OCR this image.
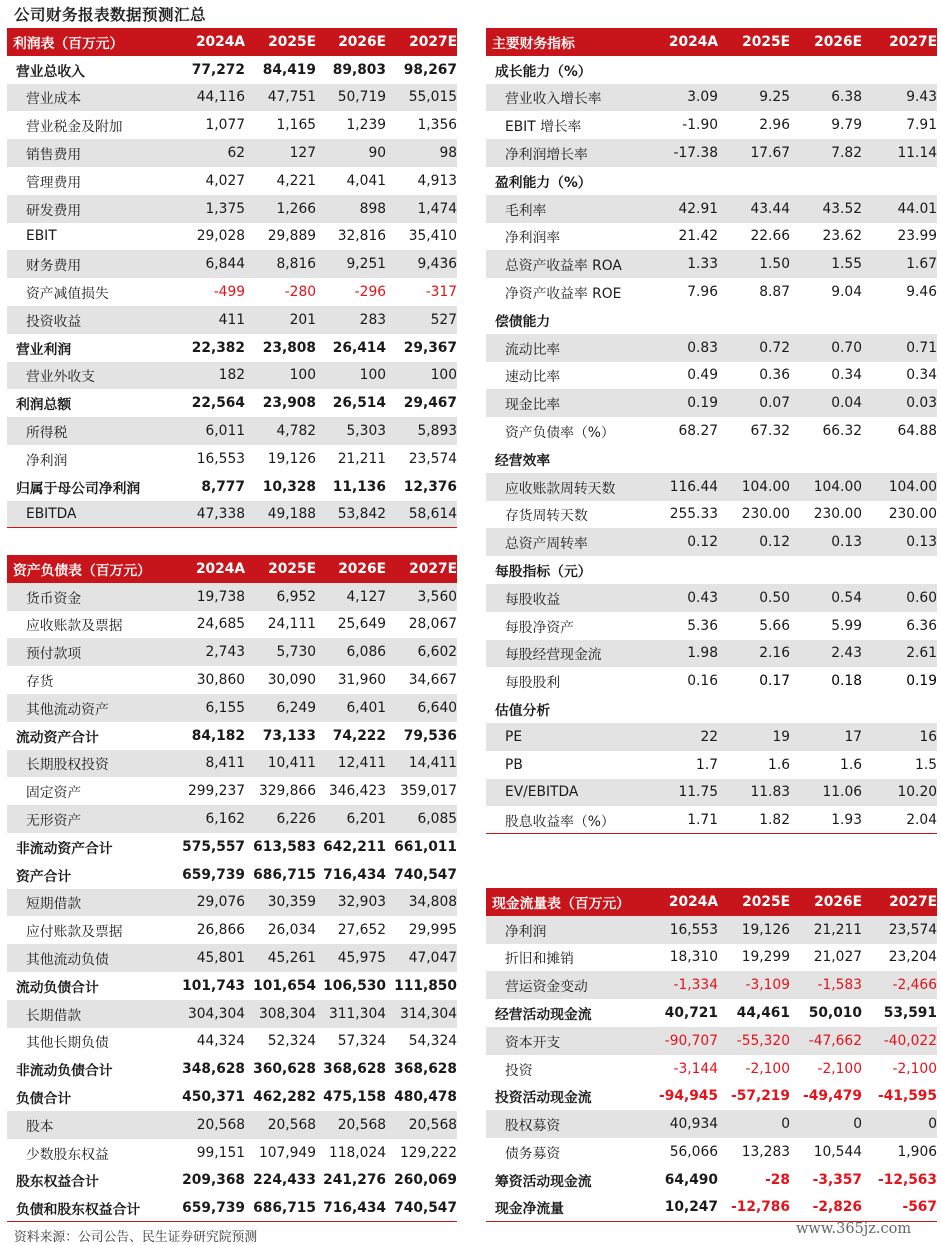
公司财务报表数据预测汇总
利润表（百万元）	2024A	2025E	2026E	2027E
营业总收入	77,272	84,419	89,803	98,267
营业成本	44,116	47,751	50,719	55,015
营业税金及附加	1,077	1,165	1,239	1,356
销售费用	62	127	90	98
管理费用	4,027	4,221	4,041	4,913
研发费用	1,375	1,266	898	1,474
EBIT	29,028	29,889	32,816	35,410
财务费用	6,844	8,816	9,251	9,436
资产减值损失	-499	-280	-296	-317
投资收益	411	201	283	527
营业利润	22,382	23,808	26,414	29,367
营业外收支	182	100	100	100
利润总额	22,564	23,908	26,514	29,467
所得税	6,011	4,782	5,303	5,893
净利润	16,553	19,126	21,211	23,574
归属于母公司净利润	8,777	10,328	11,136	12,376
EBITDA	47,338	49,188	53,842	58,614
资产负债表（百万元）	2024A	2025E	2026E	2027E
货币资金	19,738	6,952	4,127	3,560
应收账款及票据	24,685	24,111	25,649	28,067
预付款项	2,743	5,730	6,086	6,602
存货	30,860	30,090	31,960	34,667
其他流动资产	6,155	6,249	6,401	6,640
流动资产合计	84,182	73,133	74,222	79,536
长期股权投资	8,411	10,411	12,411	14,411
固定资产	299,237	329,866 346,423	359,017
无形资产	6,162	6,226	6,201	6,085
非流动资产合计	575,557 613,583 642,211 661,011
资产合计	659,739 686,715 716,434 740,547
短期借款	29,076	30,359	32,903	34,808
应付账款及票据	26,866	26,034	27,652	29,995
其他流动负债	45,801	45,261	45,975	47,047
流动负债合计	101,743 101,654 106,530 111,850
长期借款	304,304	308,304 311,304	314,304
其他长期负债	44,324	52,324	57,324	54,324
非流动负债合计	348,628 360,628 368,628 368,628
负债合计	450,371 462,282 475,158 480,478
股本	20,568	20,568	20,568	20,568
少数股东权益	99,151	107,949 118,024	129,222
股东权益合计	209,368 224,433 241,276 260,069
负债和股东权益合计	659,739 686,715 716,434 740,547
主要财务指标	2024A	2025E	2026E	2027E
成长能力（%）
营业收入增长率	3.09	9.25	6.38	9.43
EBIT 增长率	-1.90	2.96	9.79	7.91
净利润增长率	-17.38	17.67	7.82	11.14
盈利能力（%）
毛利率	42.91	43.44	43.52	44.01
净利润率	21.42	22.66	23.62	23.99
总资产收益率 ROA	1.33	1.50	1.55	1.67
净资产收益率 ROE	7.96	8.87	9.04	9.46
偿债能力
流动比率	0.83	0.72	0.70	0.71
速动比率	0.49	0.36	0.34	0.34
现金比率	0.19	0.07	0.04	0.03
资产负债率（%）	68.27	67.32	66.32	64.88
经营效率
应收账款周转天数	116.44	104.00	104.00	104.00
存货周转天数	255.33	230.00	230.00	230.00
总资产周转率	0.12	0.12	0.13	0.13
每股指标（元）
每股收益	0.43	0.50	0.54	0.60
每股净资产	5.36	5.66	5.99	6.36
每股经营现金流	1.98	2.16	2.43	2.61
每股股利	0.16	0.17	0.18	0.19
估值分析
PE	22	19	17	16
PB	1.7	1.6	1.6	1.5
EV/EBITDA	11.75	11.83	11.06	10.20
股息收益率（%）	1.71	1.82	1.93	2.04
现金流量表（百万元）	2024A	2025E	2026E	2027E
净利润	16,553	19,126	21,211	23,574
折旧和摊销	18,310	19,299	21,027	23,204
营运资金变动	-1,334	-3,109	-1,583	-2,466
经营活动现金流	40,721	44,461	50,010	53,591
资本开支	-90,707	-55,320	-47,662	-40,022
投资	-3,144	-2,100	-2,100	-2,100
投资活动现金流	-94,945 -57,219 -49,479	-41,595
股权募资	40,934	0	0	0
债务募资	56,066	13,283	10,544	1,906
筹资活动现金流	64,490	-28	-3,357	-12,563
现金净流量	10,247 -12,786	-2,826	-567
资料来源：公司公告、民生证券研究院预测
www.365jz.com
